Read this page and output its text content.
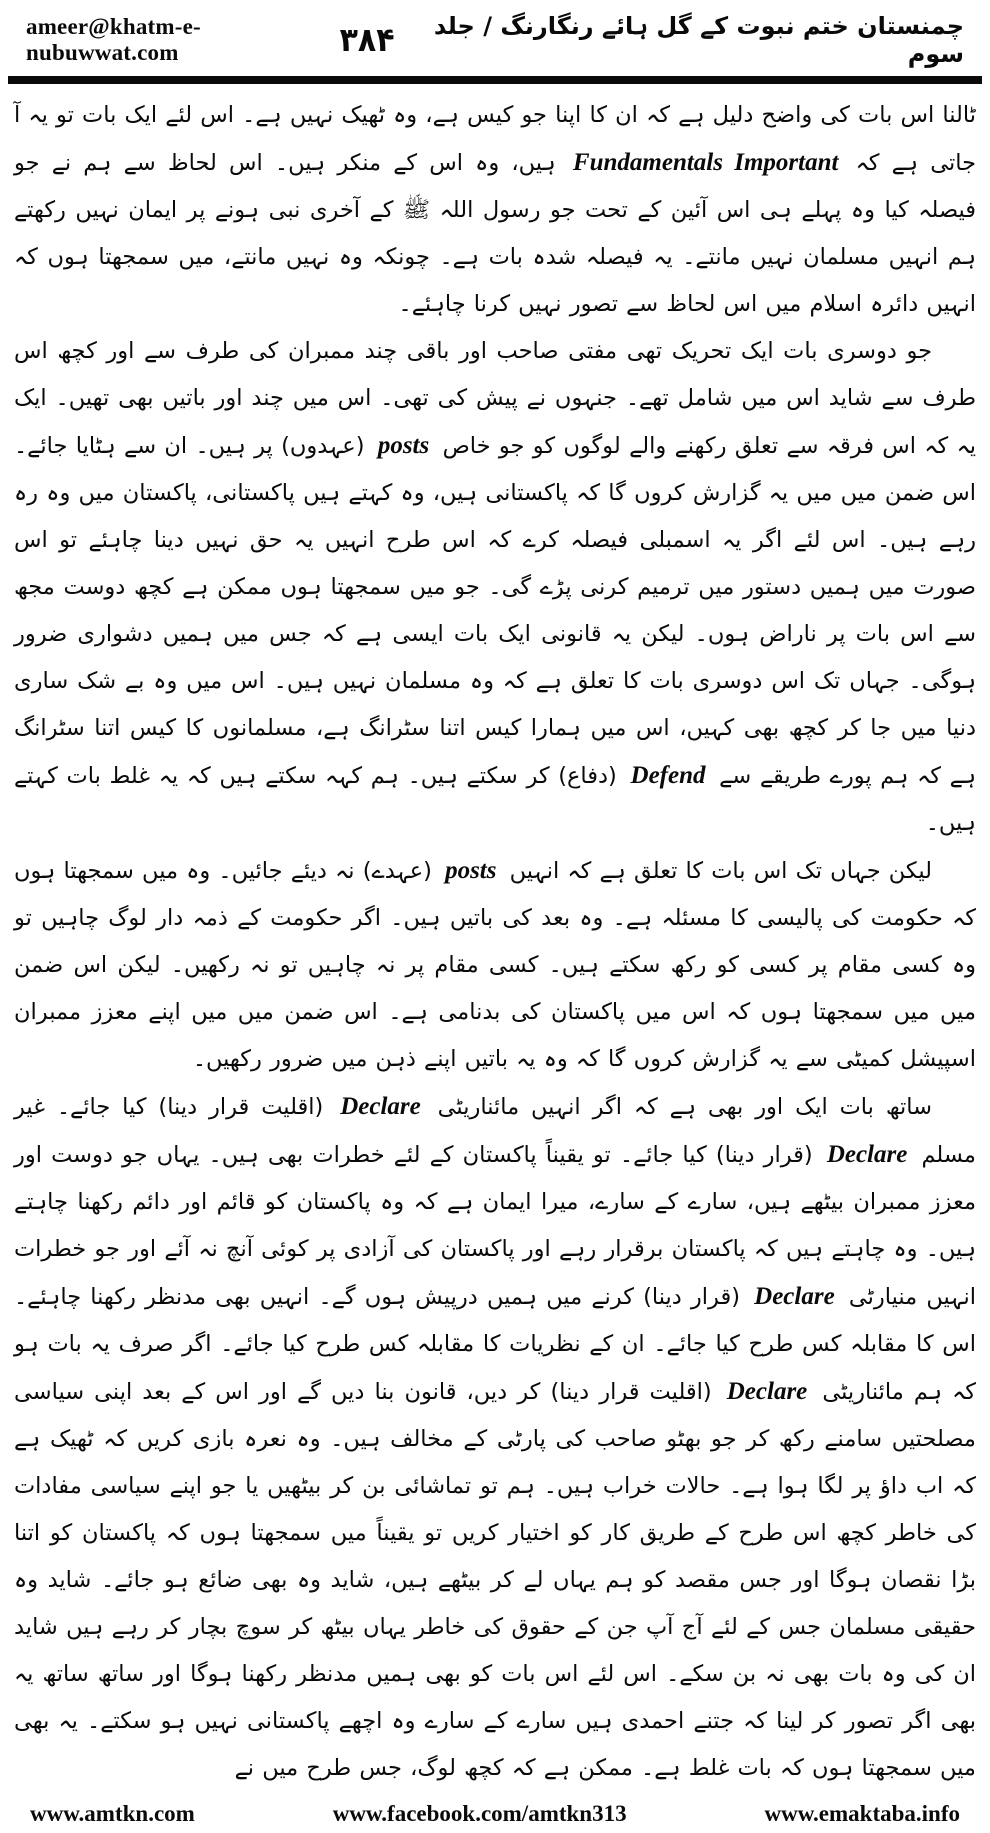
ameer@khatm-e-nubuwwat.com	۳۸۴	چمنستان ختم نبوت کے گل ہائے رنگارنگ / جلد سوم

ٹالنا اس بات کی واضح دلیل ہے کہ ان کا اپنا جو کیس ہے، وہ ٹھیک نہیں ہے۔ اس لئے ایک بات تو یہ آ جاتی ہے کہ Fundamentals Important ہیں، وہ اس کے منکر ہیں۔ اس لحاظ سے ہم نے جو فیصلہ کیا وہ پہلے ہی اس آئین کے تحت جو رسول اللہ ﷺ کے آخری نبی ہونے پر ایمان نہیں رکھتے ہم انہیں مسلمان نہیں مانتے۔ یہ فیصلہ شدہ بات ہے۔ چونکہ وہ نہیں مانتے، میں سمجھتا ہوں کہ انہیں دائرہ اسلام میں اس لحاظ سے تصور نہیں کرنا چاہئے۔

جو دوسری بات ایک تحریک تھی مفتی صاحب اور باقی چند ممبران کی طرف سے اور کچھ اس طرف سے شاید اس میں شامل تھے۔ جنہوں نے پیش کی تھی۔ اس میں چند اور باتیں بھی تھیں۔ ایک یہ کہ اس فرقہ سے تعلق رکھنے والے لوگوں کو جو خاص posts (عہدوں) پر ہیں۔ ان سے ہٹایا جائے۔ اس ضمن میں میں یہ گزارش کروں گا کہ پاکستانی ہیں، وہ کہتے ہیں پاکستانی، پاکستان میں وہ رہ رہے ہیں۔ اس لئے اگر یہ اسمبلی فیصلہ کرے کہ اس طرح انہیں یہ حق نہیں دینا چاہئے تو اس صورت میں ہمیں دستور میں ترمیم کرنی پڑے گی۔ جو میں سمجھتا ہوں ممکن ہے کچھ دوست مجھ سے اس بات پر ناراض ہوں۔ لیکن یہ قانونی ایک بات ایسی ہے کہ جس میں ہمیں دشواری ضرور ہوگی۔ جہاں تک اس دوسری بات کا تعلق ہے کہ وہ مسلمان نہیں ہیں۔ اس میں وہ بے شک ساری دنیا میں جا کر کچھ بھی کہیں، اس میں ہمارا کیس اتنا سٹرانگ ہے، مسلمانوں کا کیس اتنا سٹرانگ ہے کہ ہم پورے طریقے سے Defend (دفاع) کر سکتے ہیں۔ ہم کہہ سکتے ہیں کہ یہ غلط بات کہتے ہیں۔

لیکن جہاں تک اس بات کا تعلق ہے کہ انہیں posts (عہدے) نہ دیئے جائیں۔ وہ میں سمجھتا ہوں کہ حکومت کی پالیسی کا مسئلہ ہے۔ وہ بعد کی باتیں ہیں۔ اگر حکومت کے ذمہ دار لوگ چاہیں تو وہ کسی مقام پر کسی کو رکھ سکتے ہیں۔ کسی مقام پر نہ چاہیں تو نہ رکھیں۔ لیکن اس ضمن میں میں سمجھتا ہوں کہ اس میں پاکستان کی بدنامی ہے۔ اس ضمن میں میں اپنے معزز ممبران اسپیشل کمیٹی سے یہ گزارش کروں گا کہ وہ یہ باتیں اپنے ذہن میں ضرور رکھیں۔

ساتھ بات ایک اور بھی ہے کہ اگر انہیں مائناریٹی Declare (اقلیت قرار دینا) کیا جائے۔ غیر مسلم Declare (قرار دینا) کیا جائے۔ تو یقیناً پاکستان کے لئے خطرات بھی ہیں۔ یہاں جو دوست اور معزز ممبران بیٹھے ہیں، سارے کے سارے، میرا ایمان ہے کہ وہ پاکستان کو قائم اور دائم رکھنا چاہتے ہیں۔ وہ چاہتے ہیں کہ پاکستان برقرار رہے اور پاکستان کی آزادی پر کوئی آنچ نہ آئے اور جو خطرات انہیں منیارٹی Declare (قرار دینا) کرنے میں ہمیں درپیش ہوں گے۔ انہیں بھی مدنظر رکھنا چاہئے۔ اس کا مقابلہ کس طرح کیا جائے۔ ان کے نظریات کا مقابلہ کس طرح کیا جائے۔ اگر صرف یہ بات ہو کہ ہم مائناریٹی Declare (اقلیت قرار دینا) کر دیں، قانون بنا دیں گے اور اس کے بعد اپنی سیاسی مصلحتیں سامنے رکھ کر جو بھٹو صاحب کی پارٹی کے مخالف ہیں۔ وہ نعرہ بازی کریں کہ ٹھیک ہے کہ اب داؤ پر لگا ہوا ہے۔ حالات خراب ہیں۔ ہم تو تماشائی بن کر بیٹھیں یا جو اپنے سیاسی مفادات کی خاطر کچھ اس طرح کے طریق کار کو اختیار کریں تو یقیناً میں سمجھتا ہوں کہ پاکستان کو اتنا بڑا نقصان ہوگا اور جس مقصد کو ہم یہاں لے کر بیٹھے ہیں، شاید وہ بھی ضائع ہو جائے۔ شاید وہ حقیقی مسلمان جس کے لئے آج آپ جن کے حقوق کی خاطر یہاں بیٹھ کر سوچ بچار کر رہے ہیں شاید ان کی وہ بات بھی نہ بن سکے۔ اس لئے اس بات کو بھی ہمیں مدنظر رکھنا ہوگا اور ساتھ ساتھ یہ بھی اگر تصور کر لینا کہ جتنے احمدی ہیں سارے کے سارے وہ اچھے پاکستانی نہیں ہو سکتے۔ یہ بھی میں سمجھتا ہوں کہ بات غلط ہے۔ ممکن ہے کہ کچھ لوگ، جس طرح میں نے

www.amtkn.com	www.facebook.com/amtkn313	www.emaktaba.info
